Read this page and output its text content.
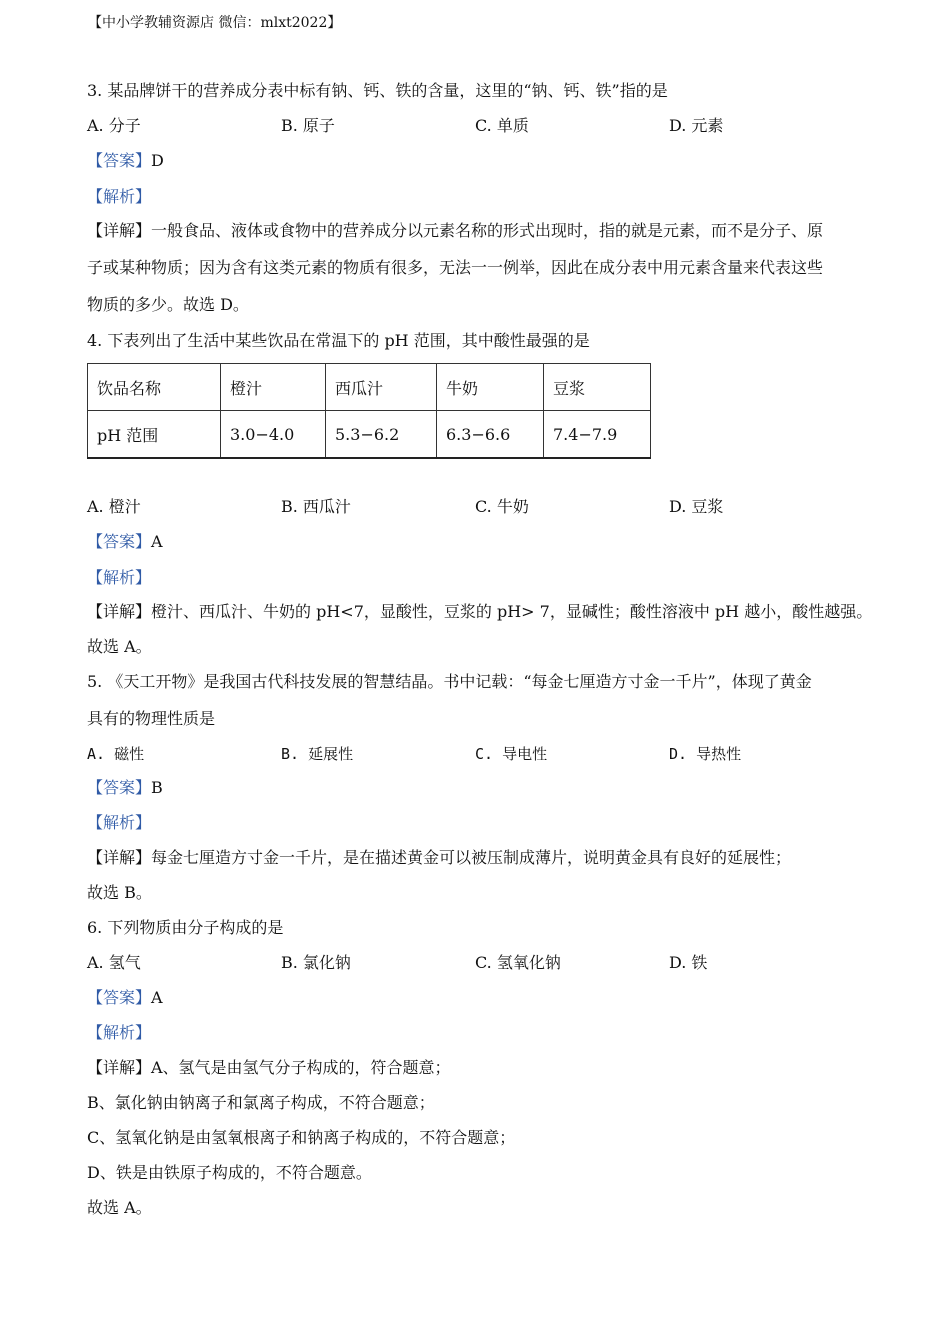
【中小学教辅资源店 微信：mlxt2022】
3. 某品牌饼干的营养成分表中标有钠、钙、铁的含量，这里的“钠、钙、铁”指的是
A. 分子	B. 原子	C. 单质	D. 元素
【答案】D
【解析】
【详解】一般食品、液体或食物中的营养成分以元素名称的形式出现时，指的就是元素，而不是分子、原
子或某种物质；因为含有这类元素的物质有很多，无法一一例举，因此在成分表中用元素含量来代表这些
物质的多少。故选 D。
4. 下表列出了生活中某些饮品在常温下的 pH 范围，其中酸性最强的是
饮品名称	橙汁	西瓜汁	牛奶	豆浆
pH 范围	3.0−4.0	5.3−6.2	6.3−6.6	7.4−7.9
A. 橙汁	B. 西瓜汁	C. 牛奶	D. 豆浆
【答案】A
【解析】
【详解】橙汁、西瓜汁、牛奶的 pH<7，显酸性，豆浆的 pH> 7，显碱性；酸性溶液中 pH 越小，酸性越强。
故选 A。
5. 《天工开物》是我国古代科技发展的智慧结晶。书中记载：“每金七厘造方寸金一千片”，体现了黄金
具有的物理性质是
A. 磁性	B. 延展性	C. 导电性	D. 导热性
【答案】B
【解析】
【详解】每金七厘造方寸金一千片，是在描述黄金可以被压制成薄片，说明黄金具有良好的延展性；
故选 B。
6. 下列物质由分子构成的是
A. 氢气	B. 氯化钠	C. 氢氧化钠	D. 铁
【答案】A
【解析】
【详解】A、氢气是由氢气分子构成的，符合题意；
B、氯化钠由钠离子和氯离子构成，不符合题意；
C、氢氧化钠是由氢氧根离子和钠离子构成的，不符合题意；
D、铁是由铁原子构成的，不符合题意。
故选 A。
